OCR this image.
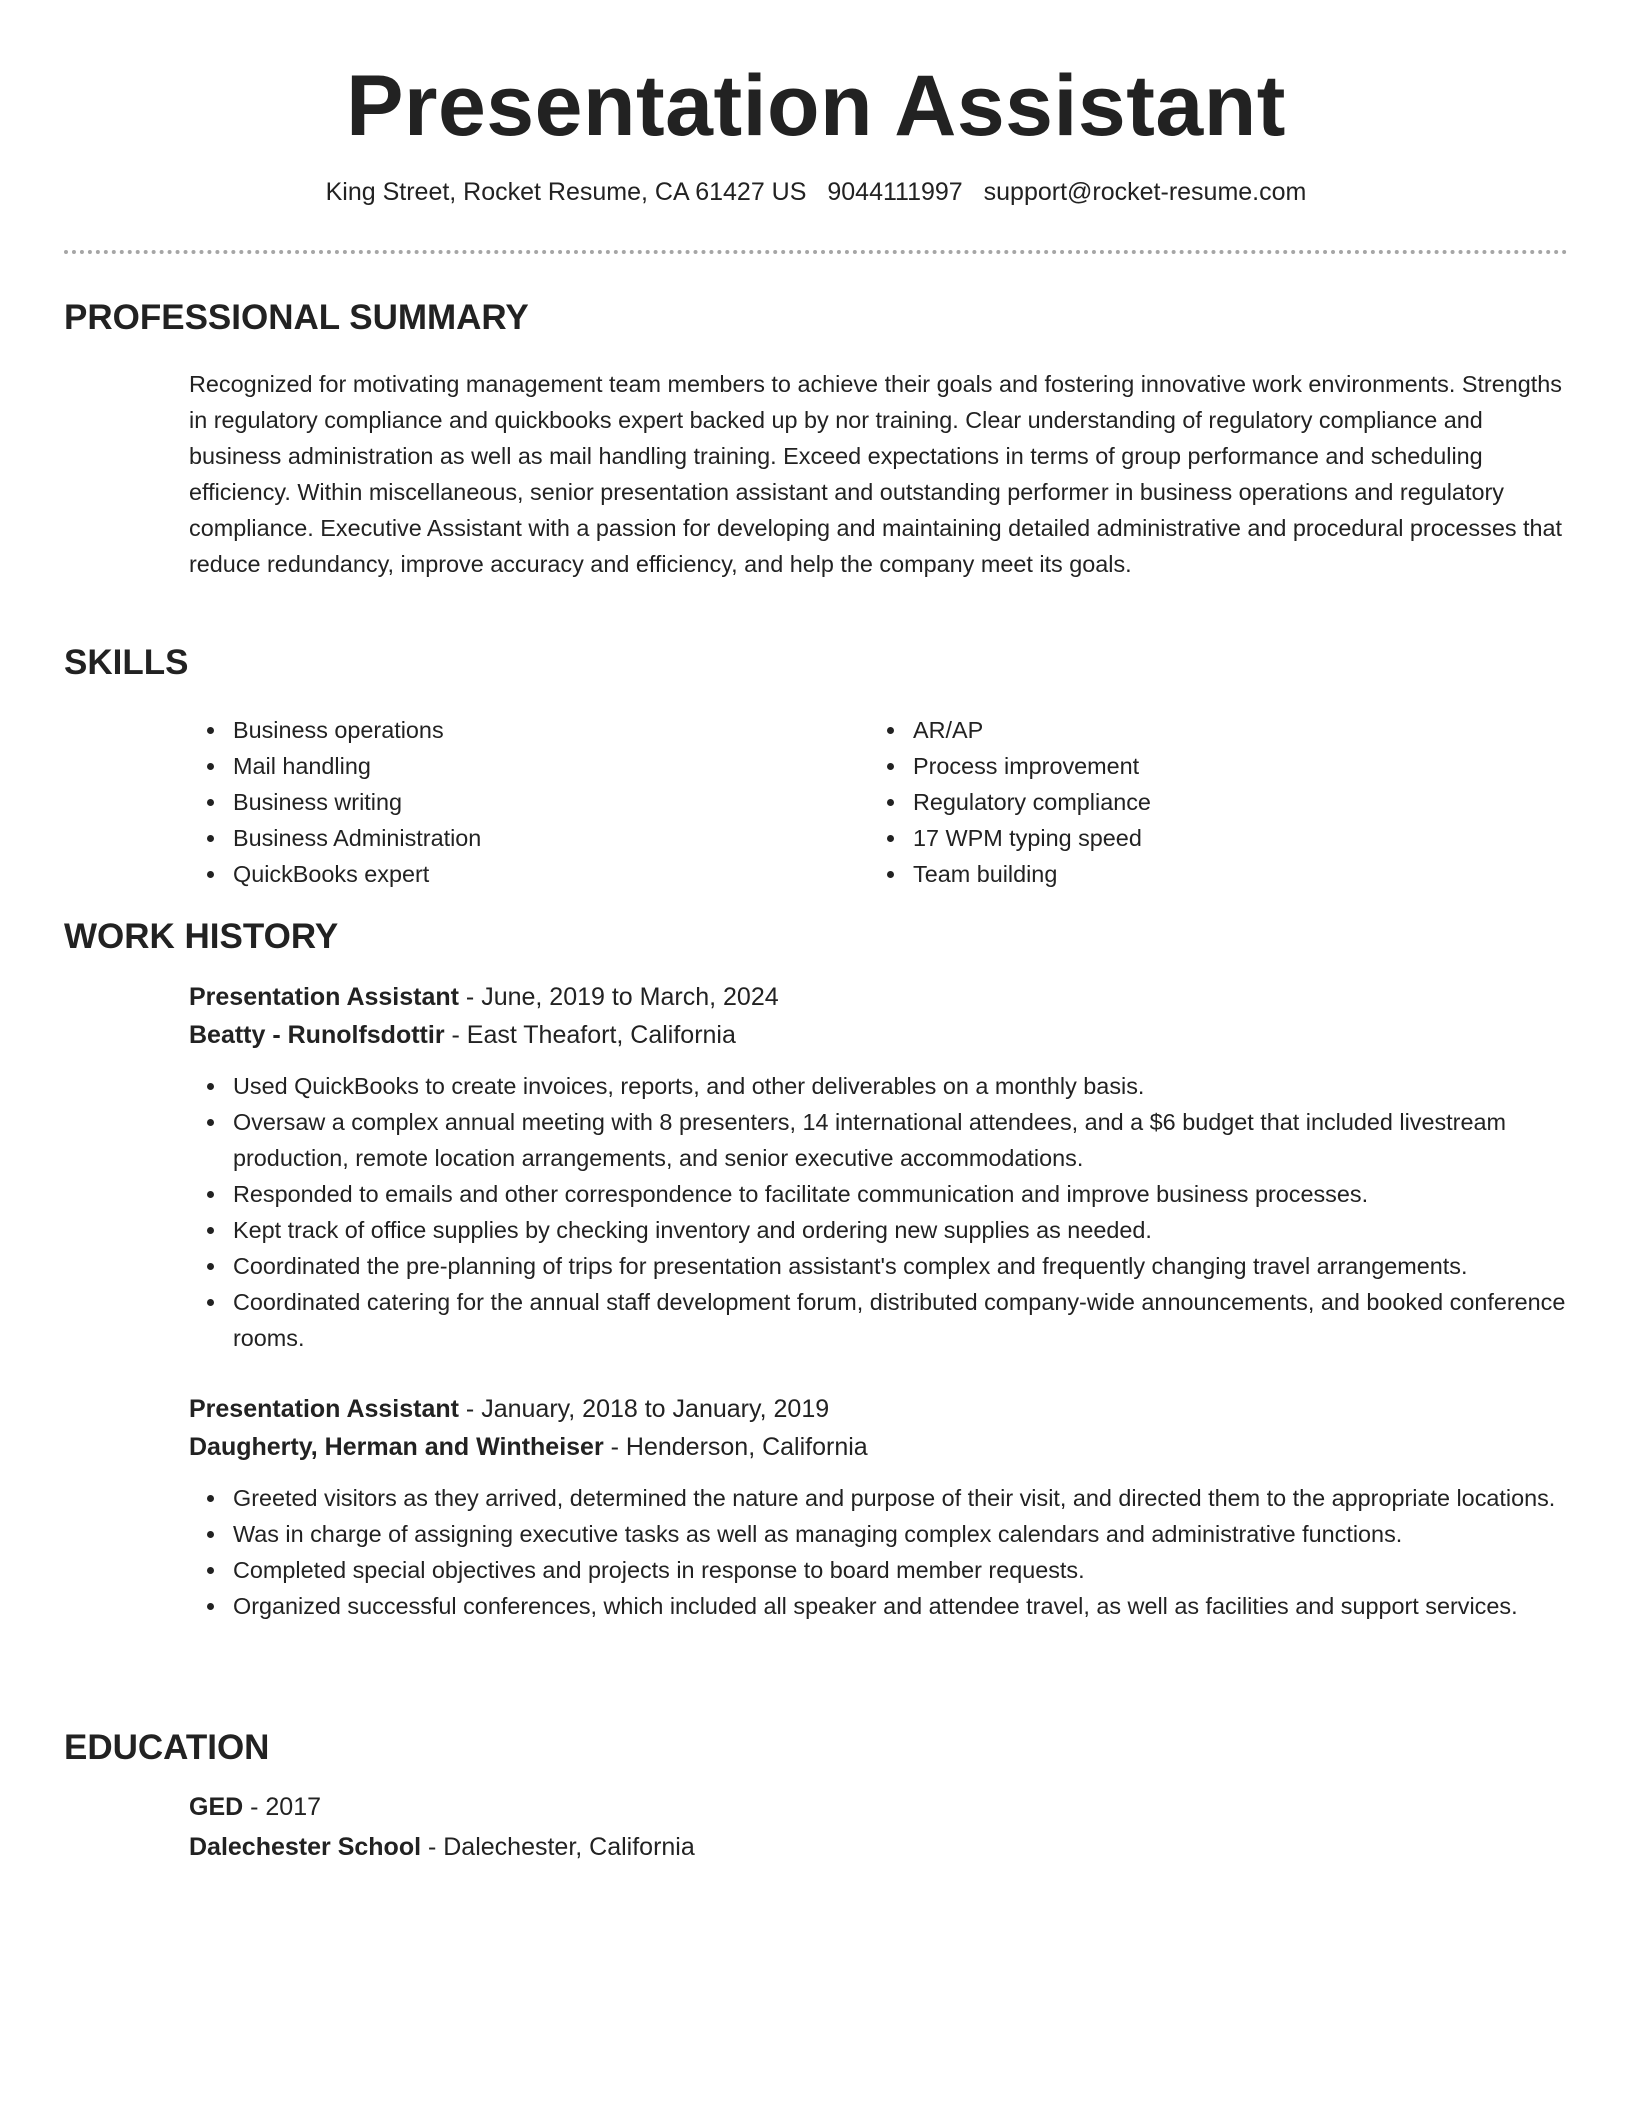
Presentation Assistant
King Street, Rocket Resume, CA 61427 US 9044111997 support@rocket-resume.com
PROFESSIONAL SUMMARY

Recognized for motivating management team members to achieve their goals and fostering innovative work environments. Strengths in regulatory compliance and quickbooks expert backed up by nor training. Clear understanding of regulatory compliance and business administration as well as mail handling training. Exceed expectations in terms of group performance and scheduling efficiency. Within miscellaneous, senior presentation assistant and outstanding performer in business operations and regulatory compliance. Executive Assistant with a passion for developing and maintaining detailed administrative and procedural processes that reduce redundancy, improve accuracy and efficiency, and help the company meet its goals.

SKILLS
Business operations
Mail handling
Business writing
Business Administration
QuickBooks expert
AR/AP
Process improvement
Regulatory compliance
17 WPM typing speed
Team building
WORK HISTORY

Presentation Assistant - June, 2019 to March, 2024

Beatty - Runolfsdottir - East Theafort, California

Used QuickBooks to create invoices, reports, and other deliverables on a monthly basis.
Oversaw a complex annual meeting with 8 presenters, 14 international attendees, and a $6 budget that included livestream production, remote location arrangements, and senior executive accommodations.
Responded to emails and other correspondence to facilitate communication and improve business processes.
Kept track of office supplies by checking inventory and ordering new supplies as needed.
Coordinated the pre-planning of trips for presentation assistant's complex and frequently changing travel arrangements.
Coordinated catering for the annual staff development forum, distributed company-wide announcements, and booked conference rooms.

Presentation Assistant - January, 2018 to January, 2019

Daugherty, Herman and Wintheiser - Henderson, California

Greeted visitors as they arrived, determined the nature and purpose of their visit, and directed them to the appropriate locations.
Was in charge of assigning executive tasks as well as managing complex calendars and administrative functions.
Completed special objectives and projects in response to board member requests.
Organized successful conferences, which included all speaker and attendee travel, as well as facilities and support services.
EDUCATION

GED - 2017

Dalechester School - Dalechester, California
